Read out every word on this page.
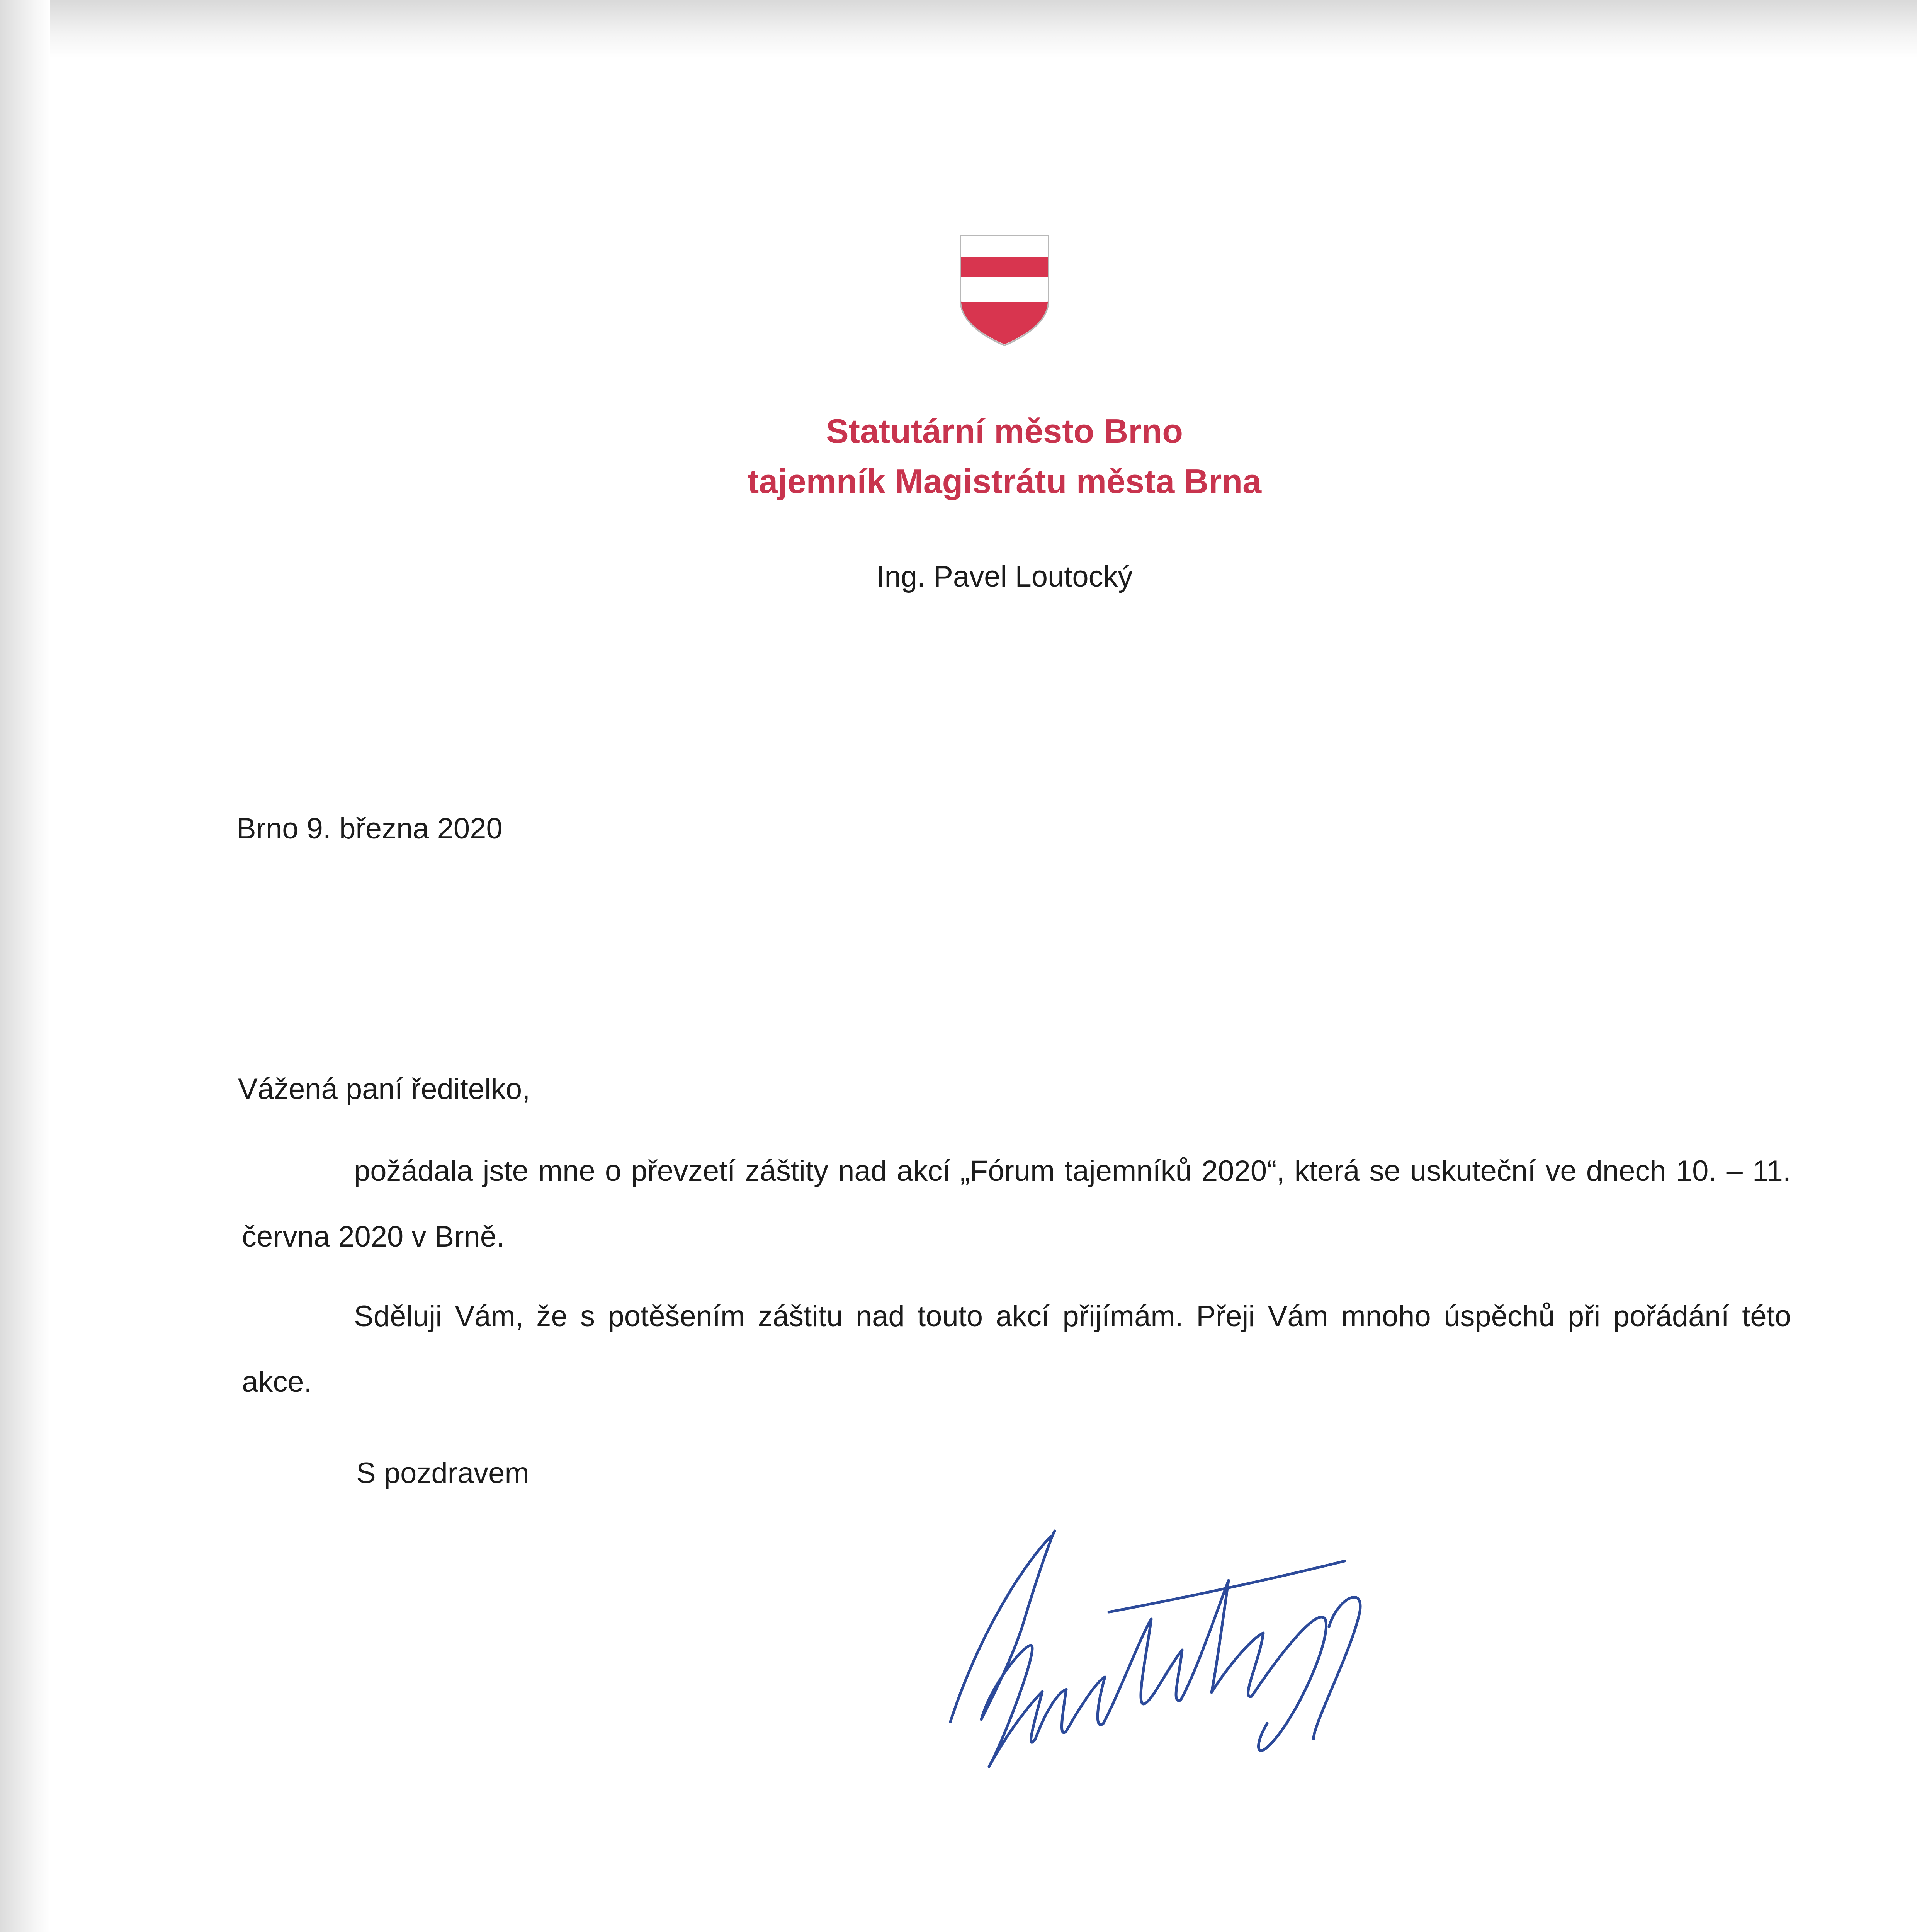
Statutární město Brno
tajemník Magistrátu města Brna
Ing. Pavel Loutocký
Brno 9. března 2020
Vážená paní ředitelko,
požádala jste mne o převzetí záštity nad akcí „Fórum tajemníků 2020“, která se uskuteční ve dnech 10. – 11. června 2020 v Brně.
Sděluji Vám, že s potěšením záštitu nad touto akcí přijímám. Přeji Vám mnoho úspěchů při pořádání této akce.
S pozdravem
